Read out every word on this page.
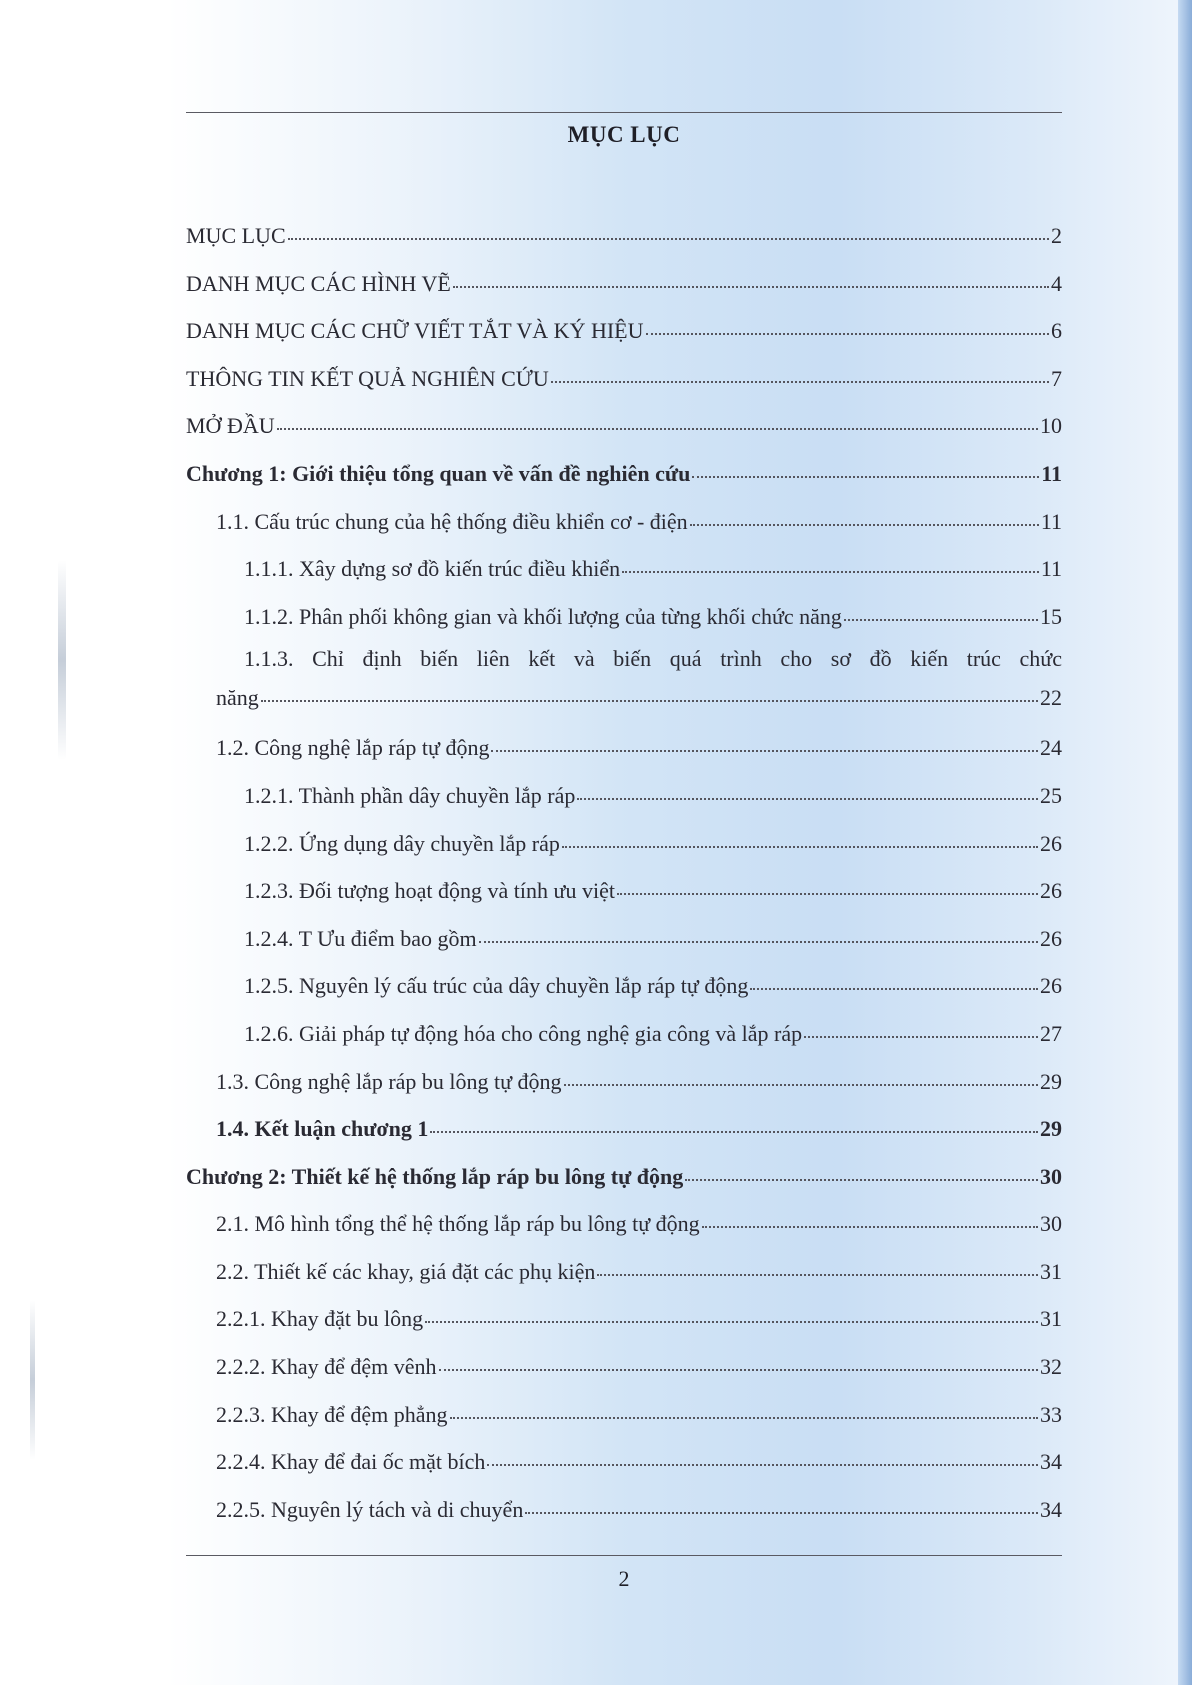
MỤC LỤC
MỤC LỤC	2
DANH MỤC CÁC HÌNH VẼ	4
DANH MỤC CÁC CHỮ VIẾT TẮT VÀ KÝ HIỆU	6
THÔNG TIN KẾT QUẢ NGHIÊN CỨU	7
MỞ ĐẦU	10
Chương 1: Giới thiệu tổng quan về vấn đề nghiên cứu	11
1.1. Cấu trúc chung của hệ thống điều khiển cơ - điện	11
1.1.1. Xây dựng sơ đồ kiến trúc điều khiển	11
1.1.2. Phân phối không gian và khối lượng của từng khối chức năng	15
1.1.3. Chỉ định biến liên kết và biến quá trình cho sơ đồ kiến trúc chức
năng	22
1.2. Công nghệ lắp ráp tự động	24
1.2.1. Thành phần dây chuyền lắp ráp	25
1.2.2. Ứng dụng dây chuyền lắp ráp	26
1.2.3. Đối tượng hoạt động và tính ưu việt	26
1.2.4. T Ưu điểm bao gồm	26
1.2.5. Nguyên lý cấu trúc của dây chuyền lắp ráp tự động	26
1.2.6. Giải pháp tự động hóa cho công nghệ gia công và lắp ráp	27
1.3. Công nghệ lắp ráp bu lông tự động	29
1.4. Kết luận chương 1	29
Chương 2: Thiết kế hệ thống lắp ráp bu lông tự động	30
2.1. Mô hình tổng thể hệ thống lắp ráp bu lông tự động	30
2.2. Thiết kế các khay, giá đặt các phụ kiện	31
2.2.1. Khay đặt bu lông	31
2.2.2. Khay để đệm vênh	32
2.2.3. Khay để đệm phẳng	33
2.2.4. Khay để đai ốc mặt bích	34
2.2.5. Nguyên lý tách và di chuyển	34
2
